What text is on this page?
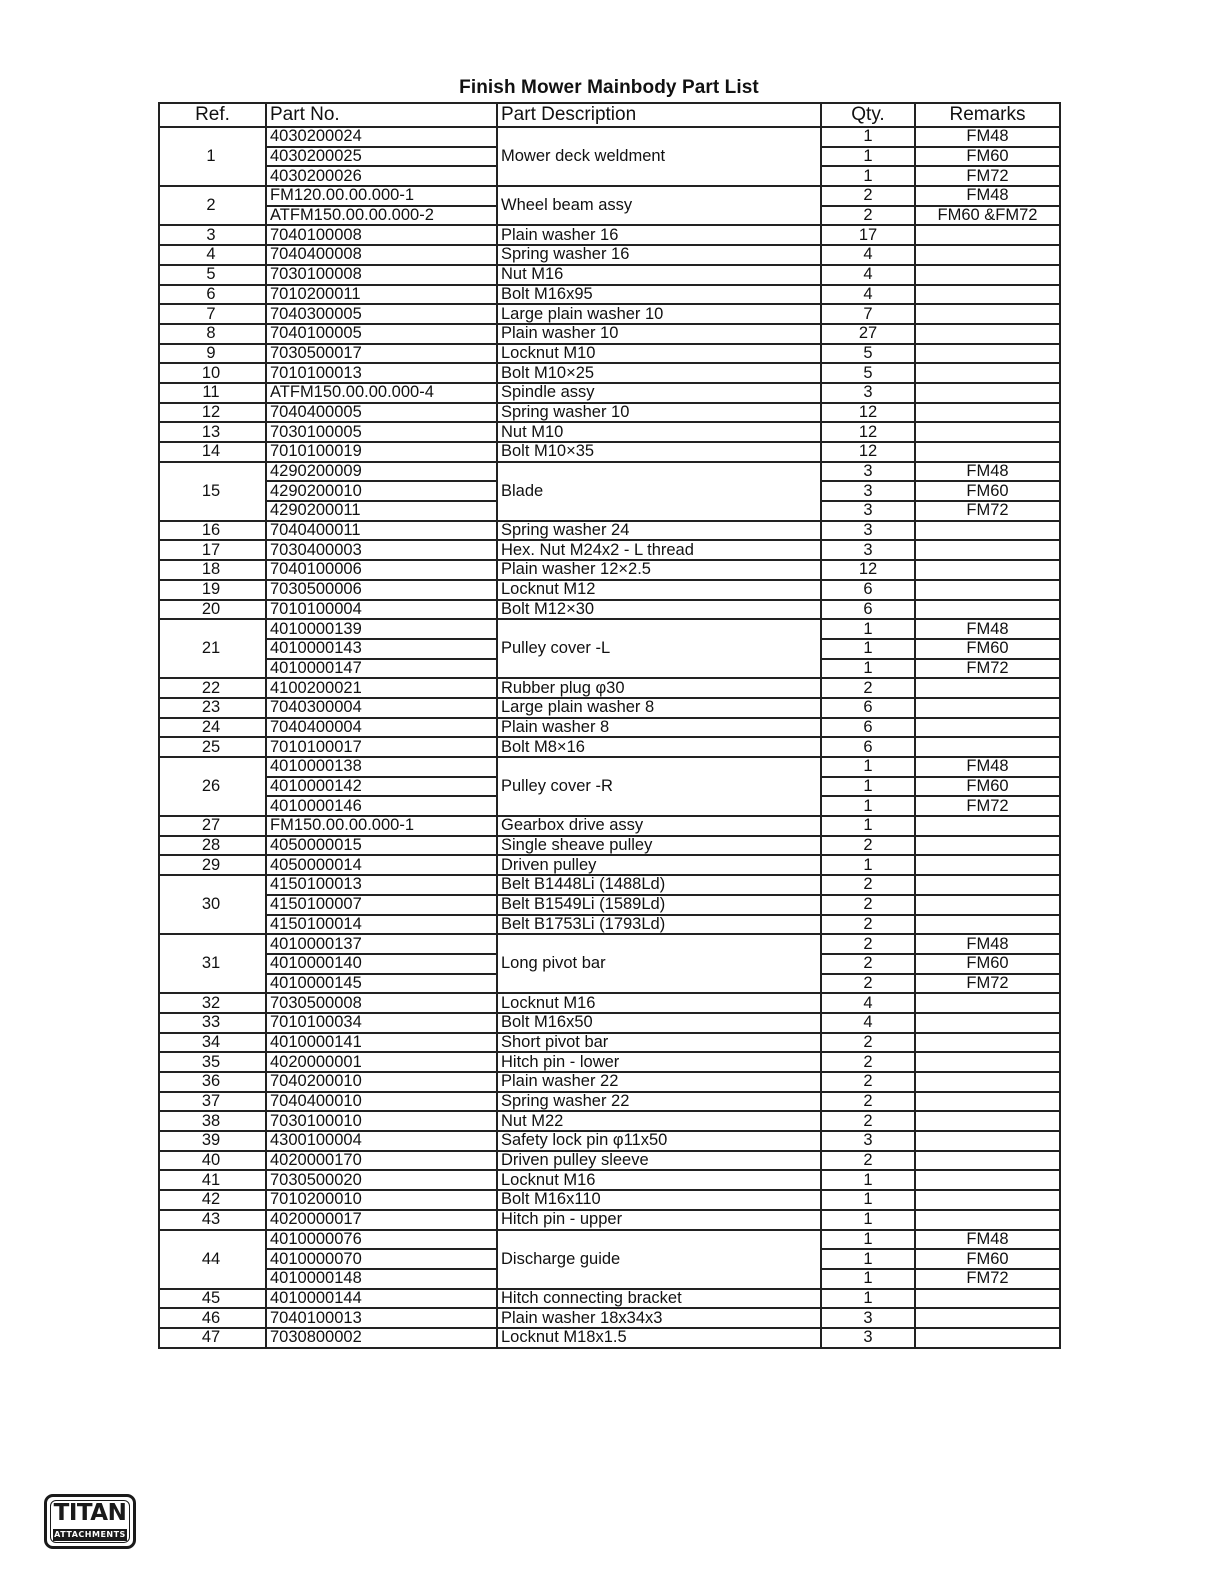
Finish Mower Mainbody Part List
Ref.	Part No.	Part Description	Qty.	Remarks
1	4030200024	Mower deck weldment	1	FM48
	4030200025		1	FM60
	4030200026		1	FM72
2	FM120.00.00.000-1	Wheel beam assy	2	FM48
	ATFM150.00.00.000-2		2	FM60 &FM72
3	7040100008	Plain washer 16	17	
4	7040400008	Spring washer 16	4	
5	7030100008	Nut M16	4	
6	7010200011	Bolt M16x95	4	
7	7040300005	Large plain washer 10	7	
8	7040100005	Plain washer 10	27	
9	7030500017	Locknut M10	5	
10	7010100013	Bolt M10×25	5	
11	ATFM150.00.00.000-4	Spindle assy	3	
12	7040400005	Spring washer 10	12	
13	7030100005	Nut M10	12	
14	7010100019	Bolt M10×35	12	
15	4290200009	Blade	3	FM48
	4290200010		3	FM60
	4290200011		3	FM72
16	7040400011	Spring washer 24	3	
17	7030400003	Hex. Nut M24x2 - L thread	3	
18	7040100006	Plain washer 12×2.5	12	
19	7030500006	Locknut M12	6	
20	7010100004	Bolt M12×30	6	
21	4010000139	Pulley cover -L	1	FM48
	4010000143		1	FM60
	4010000147		1	FM72
22	4100200021	Rubber plug φ30	2	
23	7040300004	Large plain washer 8	6	
24	7040400004	Plain washer 8	6	
25	7010100017	Bolt M8×16	6	
26	4010000138	Pulley cover -R	1	FM48
	4010000142		1	FM60
	4010000146		1	FM72
27	FM150.00.00.000-1	Gearbox drive assy	1	
28	4050000015	Single sheave pulley	2	
29	4050000014	Driven pulley	1	
30	4150100013	Belt B1448Li (1488Ld)	2	
	4150100007	Belt B1549Li (1589Ld)	2	
	4150100014	Belt B1753Li (1793Ld)	2	
31	4010000137	Long pivot bar	2	FM48
	4010000140		2	FM60
	4010000145		2	FM72
32	7030500008	Locknut M16	4	
33	7010100034	Bolt M16x50	4	
34	4010000141	Short pivot bar	2	
35	4020000001	Hitch pin - lower	2	
36	7040200010	Plain washer 22	2	
37	7040400010	Spring washer 22	2	
38	7030100010	Nut M22	2	
39	4300100004	Safety lock pin φ11x50	3	
40	4020000170	Driven pulley sleeve	2	
41	7030500020	Locknut M16	1	
42	7010200010	Bolt M16x110	1	
43	4020000017	Hitch pin - upper	1	
44	4010000076	Discharge guide	1	FM48
	4010000070		1	FM60
	4010000148		1	FM72
45	4010000144	Hitch connecting bracket	1	
46	7040100013	Plain washer 18x34x3	3	
47	7030800002	Locknut M18x1.5	3	
TITAN
ATTACHMENTS
